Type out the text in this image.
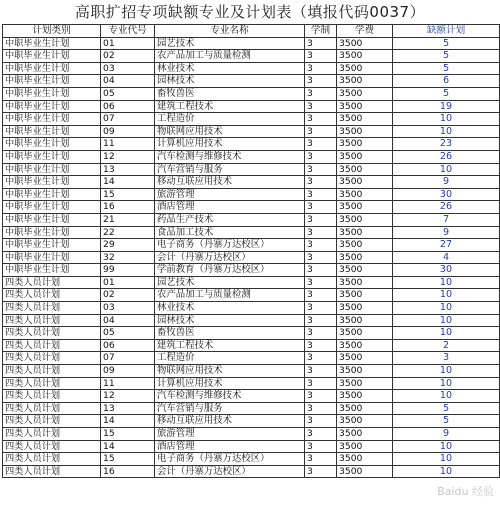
高职扩招专项缺额专业及计划表（填报代码0037）
计划类别	专业代号	专业名称	学制	学费	缺额计划
中职毕业生计划	01	园艺技术	3	3500	5
中职毕业生计划	02	农产品加工与质量检测	3	3500	5
中职毕业生计划	03	林业技术	3	3500	5
中职毕业生计划	04	园林技术	3	3500	6
中职毕业生计划	05	畜牧兽医	3	3500	5
中职毕业生计划	06	建筑工程技术	3	3500	19
中职毕业生计划	07	工程造价	3	3500	10
中职毕业生计划	09	物联网应用技术	3	3500	10
中职毕业生计划	11	计算机应用技术	3	3500	23
中职毕业生计划	12	汽车检测与维修技术	3	3500	26
中职毕业生计划	13	汽车营销与服务	3	3500	10
中职毕业生计划	14	移动互联应用技术	3	3500	9
中职毕业生计划	15	旅游管理	3	3500	30
中职毕业生计划	16	酒店管理	3	3500	26
中职毕业生计划	21	药品生产技术	3	3500	7
中职毕业生计划	22	食品加工技术	3	3500	9
中职毕业生计划	29	电子商务（丹寨万达校区）	3	3500	27
中职毕业生计划	32	会计（丹寨万达校区）	3	3500	4
中职毕业生计划	99	学前教育（丹寨万达校区）	3	3500	30
四类人员计划	01	园艺技术	3	3500	10
四类人员计划	02	农产品加工与质量检测	3	3500	10
四类人员计划	03	林业技术	3	3500	10
四类人员计划	04	园林技术	3	3500	10
四类人员计划	05	畜牧兽医	3	3500	10
四类人员计划	06	建筑工程技术	3	3500	2
四类人员计划	07	工程造价	3	3500	3
四类人员计划	09	物联网应用技术	3	3500	10
四类人员计划	11	计算机应用技术	3	3500	10
四类人员计划	12	汽车检测与维修技术	3	3500	10
四类人员计划	13	汽车营销与服务	3	3500	5
四类人员计划	14	移动互联应用技术	3	3500	5
四类人员计划	15	旅游管理	3	3500	9
四类人员计划	14	酒店管理	3	3500	10
四类人员计划	15	电子商务（丹寨万达校区）	3	3500	10
四类人员计划	16	会计（丹寨万达校区）	3	3500	10
Baidu 经验
